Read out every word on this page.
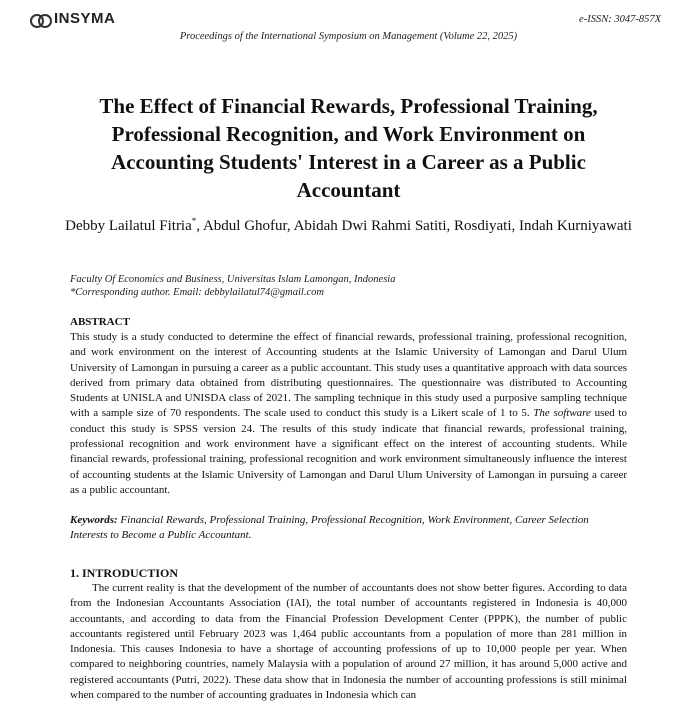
INSYMA	e-ISSN: 3047-857X
Proceedings of the International Symposium on Management (Volume 22, 2025)
The Effect of Financial Rewards, Professional Training, Professional Recognition, and Work Environment on Accounting Students' Interest in a Career as a Public Accountant
Debby Lailatul Fitria*, Abdul Ghofur, Abidah Dwi Rahmi Satiti, Rosdiyati, Indah Kurniyawati
Faculty Of Economics and Business, Universitas Islam Lamongan, Indonesia
*Corresponding author. Email: debbylailatul74@gmail.com
ABSTRACT
This study is a study conducted to determine the effect of financial rewards, professional training, professional recognition, and work environment on the interest of Accounting students at the Islamic University of Lamongan and Darul Ulum University of Lamongan in pursuing a career as a public accountant. This study uses a quantitative approach with data sources derived from primary data obtained from distributing questionnaires. The questionnaire was distributed to Accounting Students at UNISLA and UNISDA class of 2021. The sampling technique in this study used a purposive sampling technique with a sample size of 70 respondents. The scale used to conduct this study is a Likert scale of 1 to 5. The software used to conduct this study is SPSS version 24. The results of this study indicate that financial rewards, professional training, professional recognition and work environment have a significant effect on the interest of accounting students. While financial rewards, professional training, professional recognition and work environment simultaneously influence the interest of accounting students at the Islamic University of Lamongan and Darul Ulum University of Lamongan in pursuing a career as a public accountant.
Keywords: Financial Rewards, Professional Training, Professional Recognition, Work Environment, Career Selection Interests to Become a Public Accountant.
1. INTRODUCTION
The current reality is that the development of the number of accountants does not show better figures. According to data from the Indonesian Accountants Association (IAI), the total number of accountants registered in Indonesia is 40,000 accountants, and according to data from the Financial Profession Development Center (PPPK), the number of public accountants registered until February 2023 was 1,464 public accountants from a population of more than 281 million in Indonesia. This causes Indonesia to have a shortage of accounting professions of up to 10,000 people per year. When compared to neighboring countries, namely Malaysia with a population of around 27 million, it has around 5,000 active and registered accountants (Putri, 2022). These data show that in Indonesia the number of accounting professions is still minimal when compared to the number of accounting graduates in Indonesia which can
